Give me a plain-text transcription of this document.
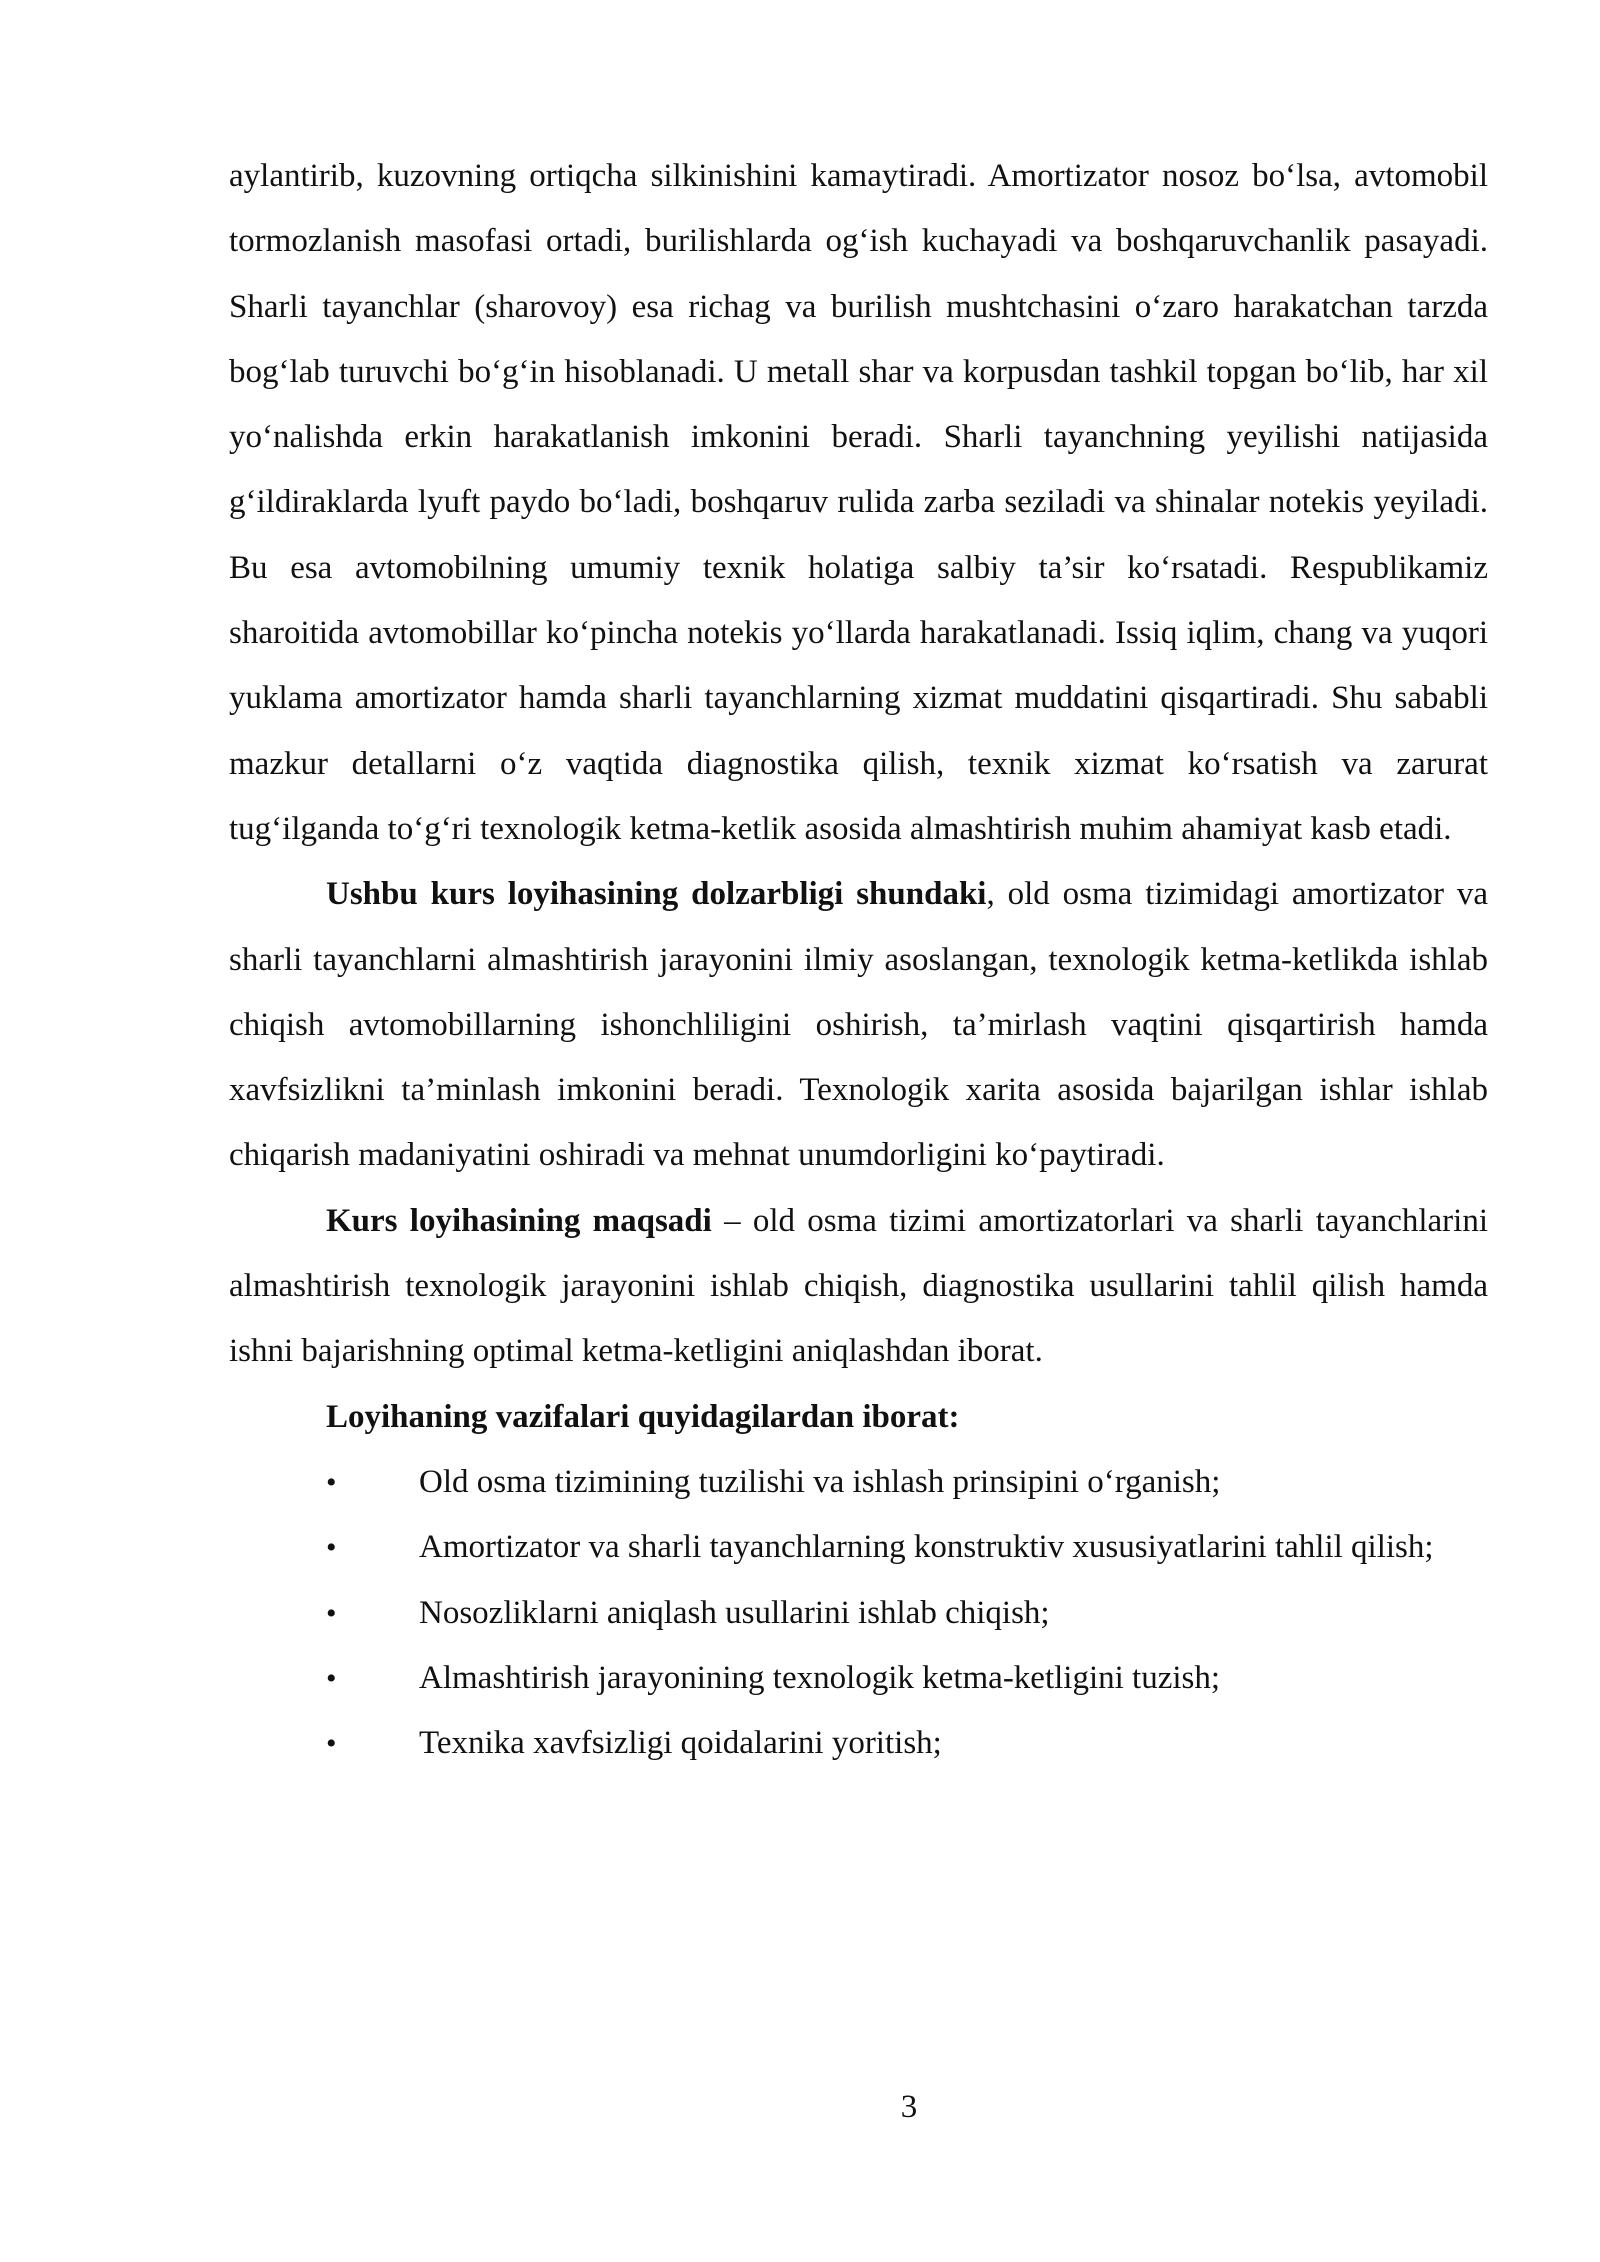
aylantirib, kuzovning ortiqcha silkinishini kamaytiradi. Amortizator nosoz bo‘lsa, avtomobil tormozlanish masofasi ortadi, burilishlarda og‘ish kuchayadi va boshqaruvchanlik pasayadi. Sharli tayanchlar (sharovoy) esa richag va burilish mushtchasini o‘zaro harakatchan tarzda bog‘lab turuvchi bo‘g‘in hisoblanadi. U metall shar va korpusdan tashkil topgan bo‘lib, har xil yo‘nalishda erkin harakatlanish imkonini beradi. Sharli tayanchning yeyilishi natijasida g‘ildiraklarda lyuft paydo bo‘ladi, boshqaruv rulida zarba seziladi va shinalar notekis yeyiladi. Bu esa avtomobilning umumiy texnik holatiga salbiy ta’sir ko‘rsatadi. Respublikamiz sharoitida avtomobillar ko‘pincha notekis yo‘llarda harakatlanadi. Issiq iqlim, chang va yuqori yuklama amortizator hamda sharli tayanchlarning xizmat muddatini qisqartiradi. Shu sababli mazkur detallarni o‘z vaqtida diagnostika qilish, texnik xizmat ko‘rsatish va zarurat tug‘ilganda to‘g‘ri texnologik ketma-ketlik asosida almashtirish muhim ahamiyat kasb etadi.

Ushbu kurs loyihasining dolzarbligi shundaki, old osma tizimidagi amortizator va sharli tayanchlarni almashtirish jarayonini ilmiy asoslangan, texnologik ketma-ketlikda ishlab chiqish avtomobillarning ishonchliligini oshirish, ta’mirlash vaqtini qisqartirish hamda xavfsizlikni ta’minlash imkonini beradi. Texnologik xarita asosida bajarilgan ishlar ishlab chiqarish madaniyatini oshiradi va mehnat unumdorligini ko‘paytiradi.

Kurs loyihasining maqsadi – old osma tizimi amortizatorlari va sharli tayanchlarini almashtirish texnologik jarayonini ishlab chiqish, diagnostika usullarini tahlil qilish hamda ishni bajarishning optimal ketma-ketligini aniqlashdan iborat.

Loyihaning vazifalari quyidagilardan iborat:

• Old osma tizimining tuzilishi va ishlash prinsipini o‘rganish;
• Amortizator va sharli tayanchlarning konstruktiv xususiyatlarini tahlil qilish;
• Nosozliklarni aniqlash usullarini ishlab chiqish;
• Almashtirish jarayonining texnologik ketma-ketligini tuzish;
• Texnika xavfsizligi qoidalarini yoritish;
3
